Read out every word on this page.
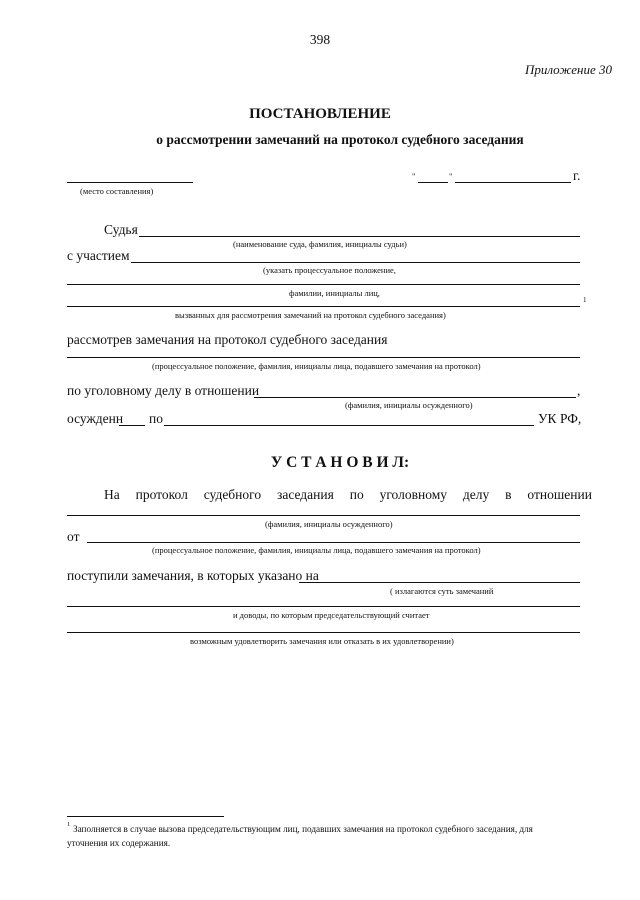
398
Приложение 30
ПОСТАНОВЛЕНИЕ
о рассмотрении замечаний на протокол судебного заседания
(место составления)
"	"	г.
Судья
(наименование суда, фамилия, инициалы судьи)
с участием
(указать процессуальное положение,
фамилии, инициалы лиц,
1
вызванных для рассмотрения замечаний на протокол судебного заседания)
рассмотрев замечания на протокол судебного заседания
(процессуальное положение, фамилия, инициалы лица, подавшего замечания на протокол)
по уголовному делу в отношении	,
(фамилия, инициалы осужденного)
осужденн по	УК РФ,
У С Т А Н О В И Л:
На протокол судебного заседания по уголовному делу в отношении
(фамилия, инициалы осужденного)
от
(процессуальное положение, фамилия, инициалы лица, подавшего замечания на протокол)
поступили замечания, в которых указано на
( излагаются суть замечаний
и доводы, по которым председательствующий считает
возможным удовлетворить замечания или отказать в их удовлетворении)
1 Заполняется в случае вызова председательствующим лиц, подавших замечания на протокол судебного заседания, для
уточнения их содержания.
